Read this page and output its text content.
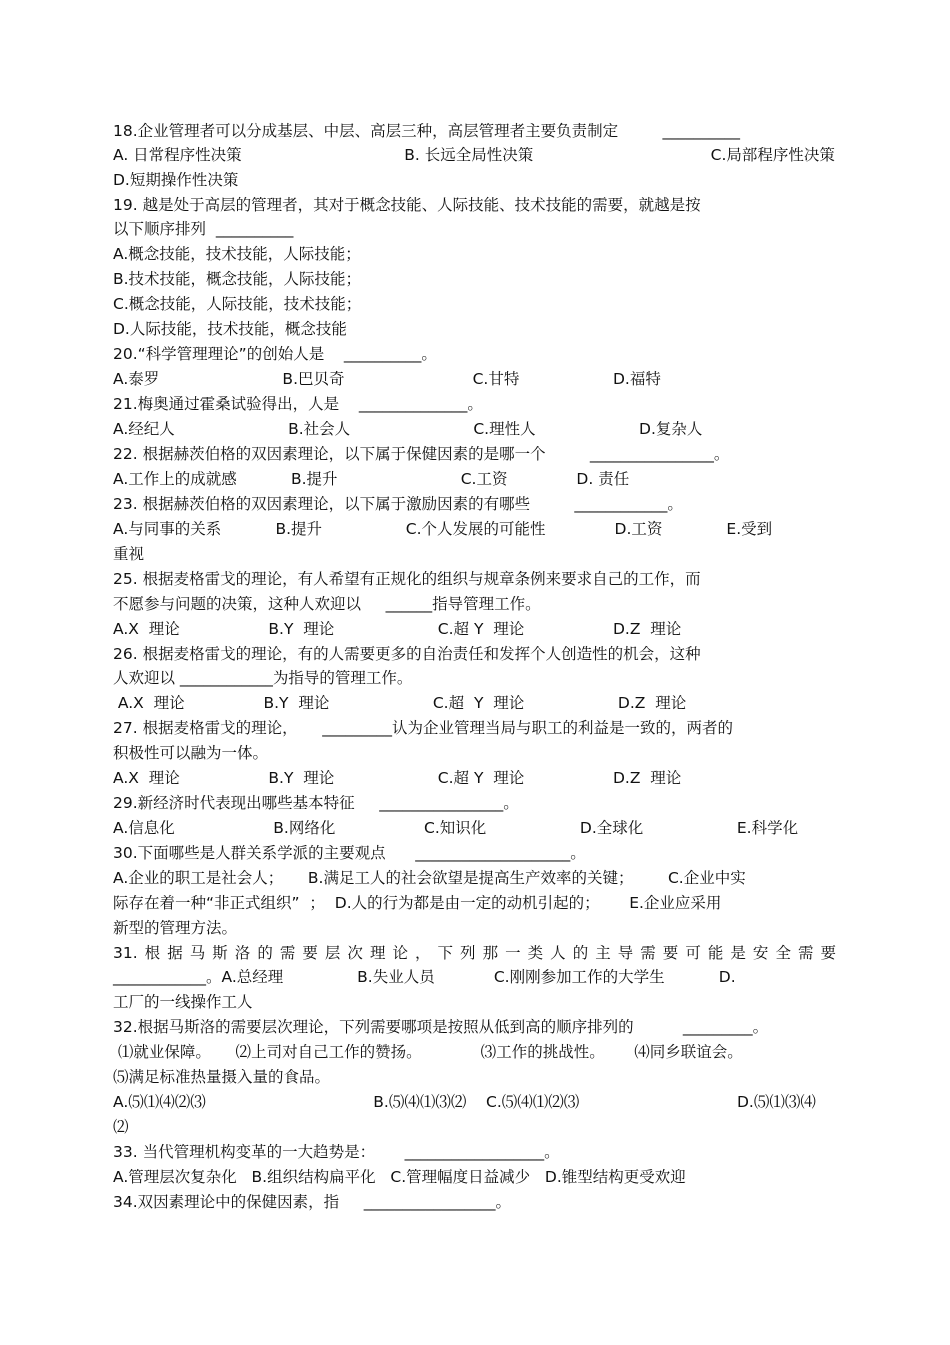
18.企业管理者可以分成基层、中层、高层三种，高层管理者主要负责制定         __________
A. 日常程序性决策                                 B. 长远全局性决策                                    C.局部程序性决策
D.短期操作性决策
19. 越是处于高层的管理者，其对于概念技能、人际技能、技术技能的需要，就越是按
以下顺序排列  __________
A.概念技能，技术技能，人际技能；
B.技术技能，概念技能，人际技能；
C.概念技能，人际技能，技术技能；
D.人际技能，技术技能，概念技能
20.“科学管理理论”的创始人是    __________。
A.泰罗                         B.巴贝奇                          C.甘特                   D.福特
21.梅奥通过霍桑试验得出，人是    ______________。
A.经纪人                       B.社会人                         C.理性人                     D.复杂人
22. 根据赫茨伯格的双因素理论，以下属于保健因素的是哪一个         ________________。
A.工作上的成就感           B.提升                         C.工资              D. 责任
23. 根据赫茨伯格的双因素理论，以下属于激励因素的有哪些         ____________。
A.与同事的关系           B.提升                 C.个人发展的可能性              D.工资             E.受到
重视
25. 根据麦格雷戈的理论，有人希望有正规化的组织与规章条例来要求自己的工作，而
不愿参与问题的决策，这种人欢迎以     ______指导管理工作。
A.X  理论                  B.Y  理论                     C.超 Y  理论                  D.Z  理论
26. 根据麦格雷戈的理论，有的人需要更多的自治责任和发挥个人创造性的机会，这种
人欢迎以 ____________为指导的管理工作。
A.X  理论                B.Y  理论                     C.超  Y  理论                   D.Z  理论
27. 根据麦格雷戈的理论，     _________认为企业管理当局与职工的利益是一致的，两者的
积极性可以融为一体。
A.X  理论                  B.Y  理论                     C.超 Y  理论                  D.Z  理论
29.新经济时代表现出哪些基本特征     ________________。
A.信息化                    B.网络化                  C.知识化                   D.全球化                   E.科学化
30.下面哪些是人群关系学派的主要观点      ____________________。
A.企业的职工是社会人；     B.满足工人的社会欲望是提高生产效率的关键；       C.企业中实
际存在着一种“非正式组织”  ；  D.人的行为都是由一定的动机引起的；      E.企业应采用
新型的管理方法。
31.根据马斯洛的需要层次理论，下列那一类人的主导需要可能是安全需要
____________。A.总经理               B.失业人员            C.刚刚参加工作的大学生           D.
工厂的一线操作工人
32.根据马斯洛的需要层次理论，下列需要哪项是按照从低到高的顺序排列的          _________。
⑴就业保障。     ⑵上司对自己工作的赞扬。            ⑶工作的挑战性。      ⑷同乡联谊会。
⑸满足标准热量摄入量的食品。
A.⑸⑴⑷⑵⑶                                  B.⑸⑷⑴⑶⑵    C.⑸⑷⑴⑵⑶                                D.⑸⑴⑶⑷
⑵
33. 当代管理机构变革的一大趋势是：      __________________。
A.管理层次复杂化   B.组织结构扁平化   C.管理幅度日益减少   D.锥型结构更受欢迎
34.双因素理论中的保健因素，指     _________________。
